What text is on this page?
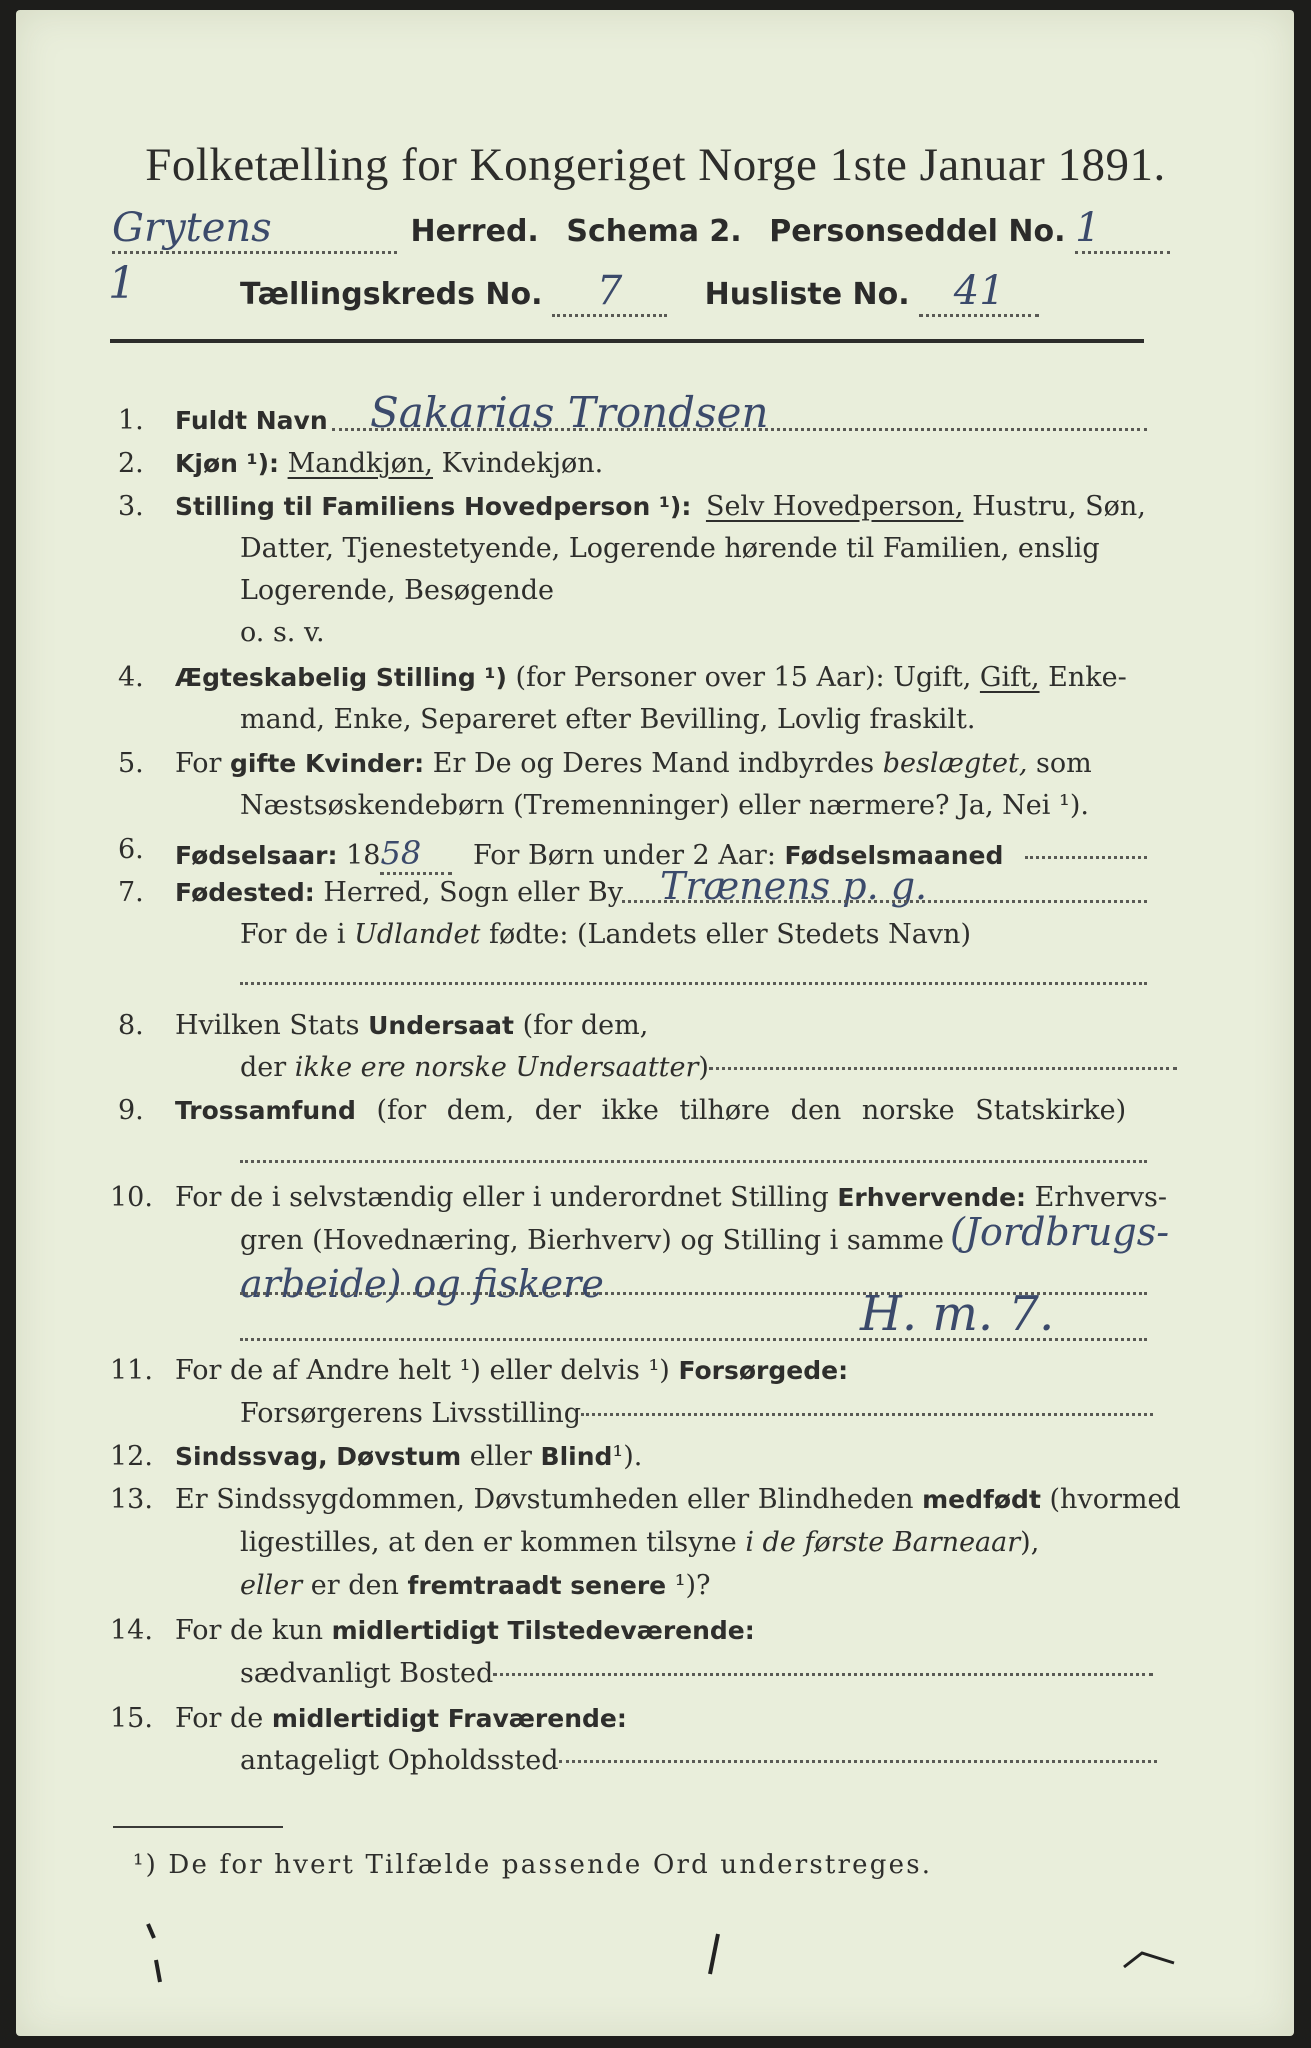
Folketælling for Kongeriget Norge 1ste Januar 1891.
Grytens	Herred. Schema 2. Personseddel No. 1
1	Tællingskreds No. 7	Husliste No. 41
1. Fuldt Navn Sakarias Trondsen
2. Kjøn ¹): Mandkjøn, Kvindekjøn.
3. Stilling til Familiens Hovedperson ¹): Selv Hovedperson, Hustru, Søn,
Datter, Tjenestetyende, Logerende hørende til Familien, enslig
Logerende, Besøgende
o. s. v.
4. Ægteskabelig Stilling ¹) (for Personer over 15 Aar): Ugift, Gift, Enke-
mand, Enke, Separeret efter Bevilling, Lovlig fraskilt.
5. For gifte Kvinder: Er De og Deres Mand indbyrdes beslægtet, som
Næstsøskendebørn (Tremenninger) eller nærmere? Ja, Nei ¹).
6. Fødselsaar: 1858 For Børn under 2 Aar: Fødselsmaaned
7. Fødested: Herred, Sogn eller By Trænens p. g.
For de i Udlandet fødte: (Landets eller Stedets Navn)
8. Hvilken Stats Undersaat (for dem,
der ikke ere norske Undersaatter)
9. Trossamfund (for dem, der ikke tilhøre den norske Statskirke)
10. For de i selvstændig eller i underordnet Stilling Erhvervende: Erhvervs-
gren (Hovednæring, Bierhverv) og Stilling i samme (Jordbrugs-
arbeide) og fiskere
H. m. 7.
11. For de af Andre helt ¹) eller delvis ¹) Forsørgede:
Forsørgerens Livsstilling
12. Sindssvag, Døvstum eller Blind¹).
13. Er Sindssygdommen, Døvstumheden eller Blindheden medfødt (hvormed
ligestilles, at den er kommen tilsyne i de første Barneaar),
eller er den fremtraadt senere ¹)?
14. For de kun midlertidigt Tilstedeværende:
sædvanligt Bosted
15. For de midlertidigt Fraværende:
antageligt Opholdssted
¹) De for hvert Tilfælde passende Ord understreges.
